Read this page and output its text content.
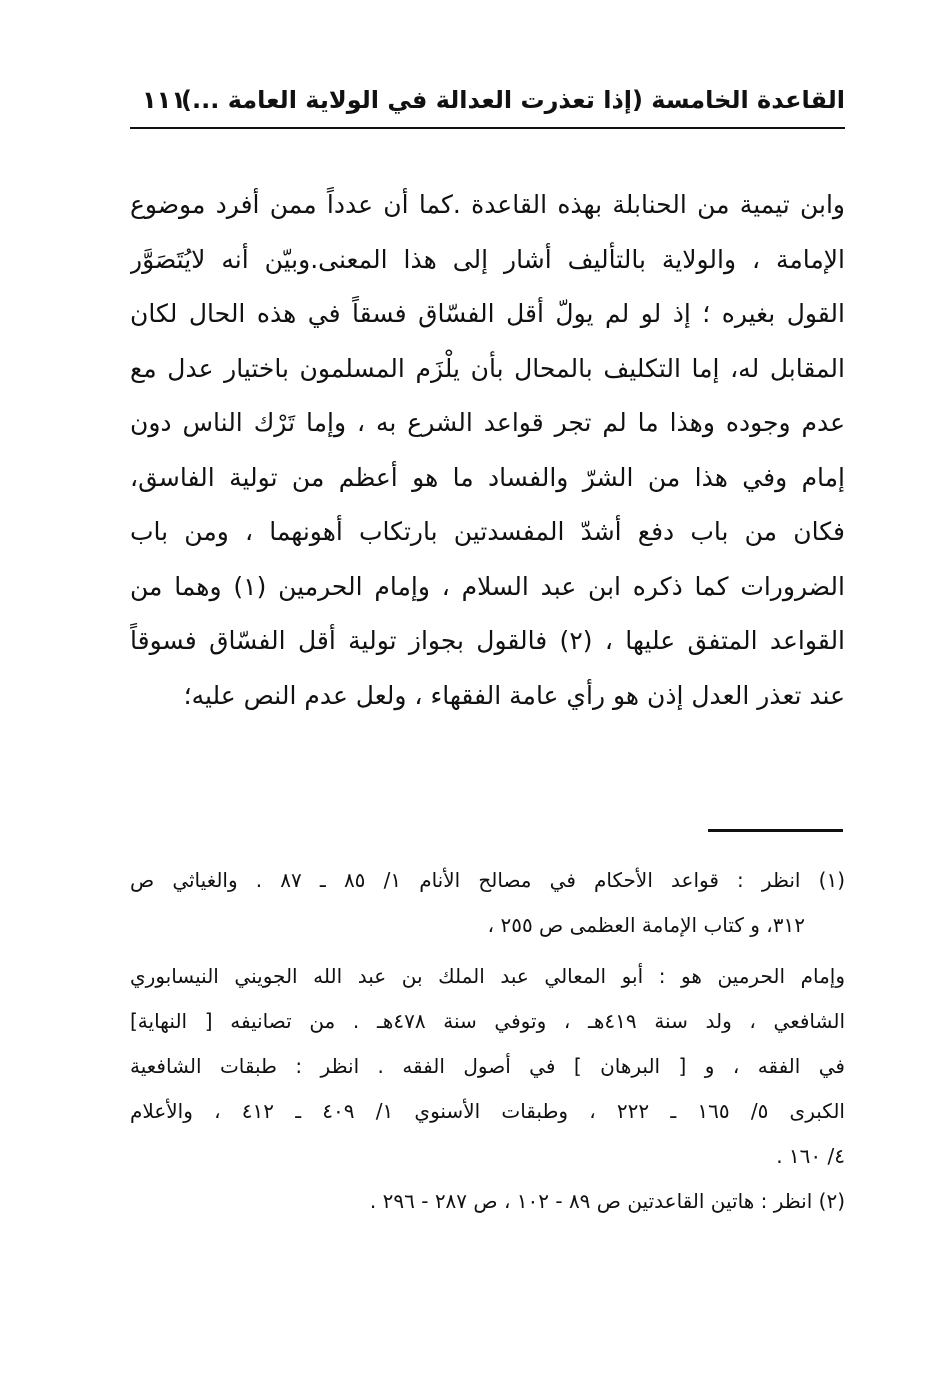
القاعدة الخامسة (إذا تعذرت العدالة في الولاية العامة ...)
١١١
وابن تيمية من الحنابلة بهذه القاعدة .كما أن عدداً ممن أفرد موضوع
الإمامة ، والولاية بالتأليف أشار إلى هذا المعنى.وبيّن أنه لايُتَصَوَّر
القول بغيره ؛ إذ لو لم يولّ أقل الفسّاق فسقاً في هذه الحال لكان
المقابل له، إما التكليف بالمحال بأن يلْزَم المسلمون باختيار عدل مع
عدم وجوده وهذا ما لم تجر قواعد الشرع به ، وإما تَرْك الناس دون
إمام وفي هذا من الشرّ والفساد ما هو أعظم من تولية الفاسق،
فكان من باب دفع أشدّ المفسدتين بارتكاب أهونهما ، ومن باب
الضرورات كما ذكره ابن عبد السلام ، وإمام الحرمين (١) وهما من
القواعد المتفق عليها ، (٢) فالقول بجواز تولية أقل الفسّاق فسوقاً
عند تعذر العدل إذن هو رأي عامة الفقهاء ، ولعل عدم النص عليه؛
(١) انظر : قواعد الأحكام في مصالح الأنام ١/ ٨٥ ـ ٨٧ . والغياثي ص
٣١٢، و كتاب الإمامة العظمى ص ٢٥٥ ،
وإمام الحرمين هو : أبو المعالي عبد الملك بن عبد الله الجويني النيسابوري
الشافعي ، ولد سنة ٤١٩هـ ، وتوفي سنة ٤٧٨هـ . من تصانيفه [ النهاية]
في الفقه ، و [ البرهان ] في أصول الفقه . انظر : طبقات الشافعية
الكبرى ٥/ ١٦٥ ـ ٢٢٢ ، وطبقات الأسنوي ١/ ٤٠٩ ـ ٤١٢ ، والأعلام
٤/ ١٦٠ .
(٢) انظر : هاتين القاعدتين ص ٨٩ - ١٠٢ ، ص ٢٨٧ - ٢٩٦ .
